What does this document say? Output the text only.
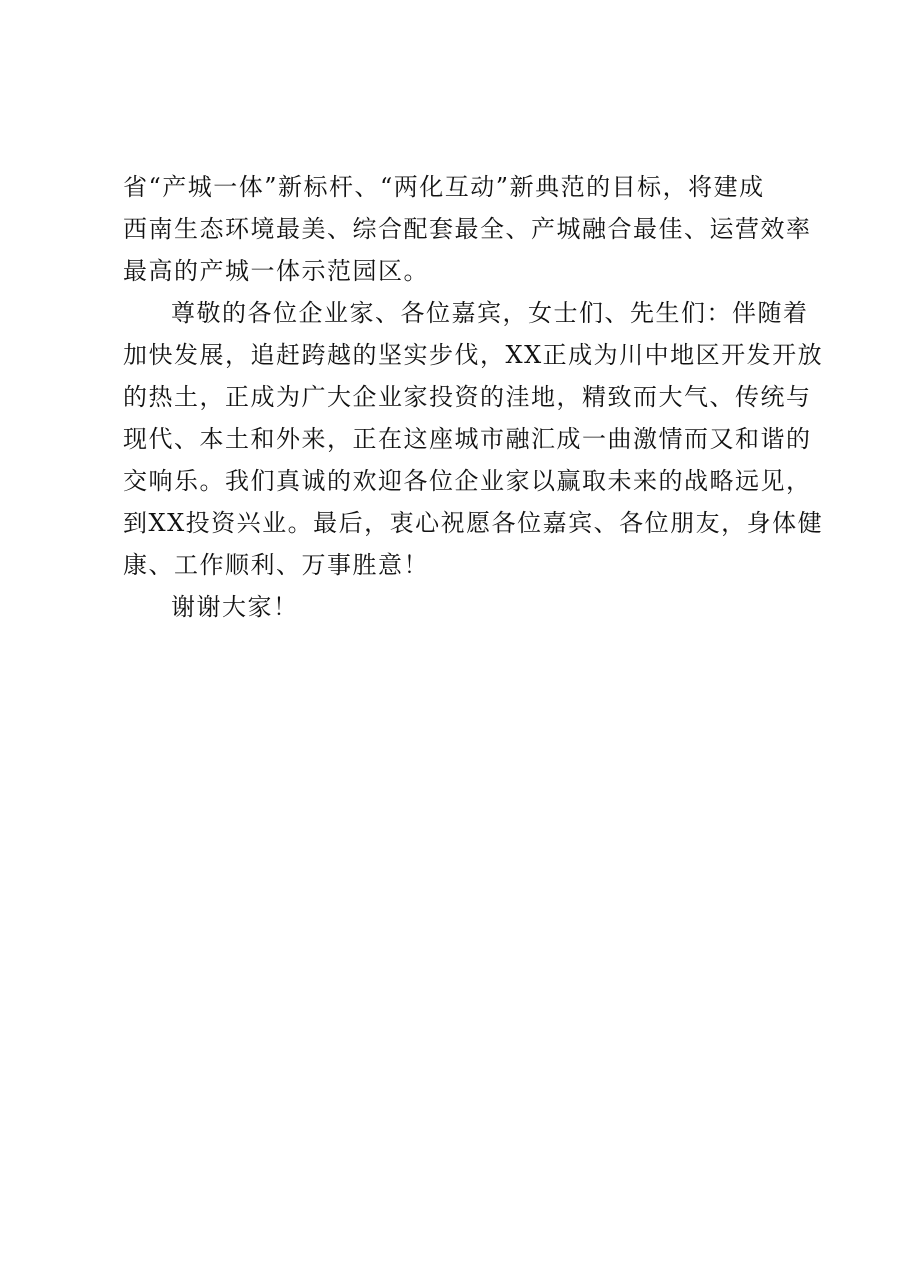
省“产城一体”新标杆、“两化互动”新典范的目标，将建成
西南生态环境最美、综合配套最全、产城融合最佳、运营效率
最高的产城一体示范园区。
尊敬的各位企业家、各位嘉宾，女士们、先生们：伴随着
加快发展，追赶跨越的坚实步伐，XX正成为川中地区开发开放
的热土，正成为广大企业家投资的洼地，精致而大气、传统与
现代、本土和外来，正在这座城市融汇成一曲激情而又和谐的
交响乐。我们真诚的欢迎各位企业家以赢取未来的战略远见，
到XX投资兴业。最后，衷心祝愿各位嘉宾、各位朋友，身体健
康、工作顺利、万事胜意！
谢谢大家！
